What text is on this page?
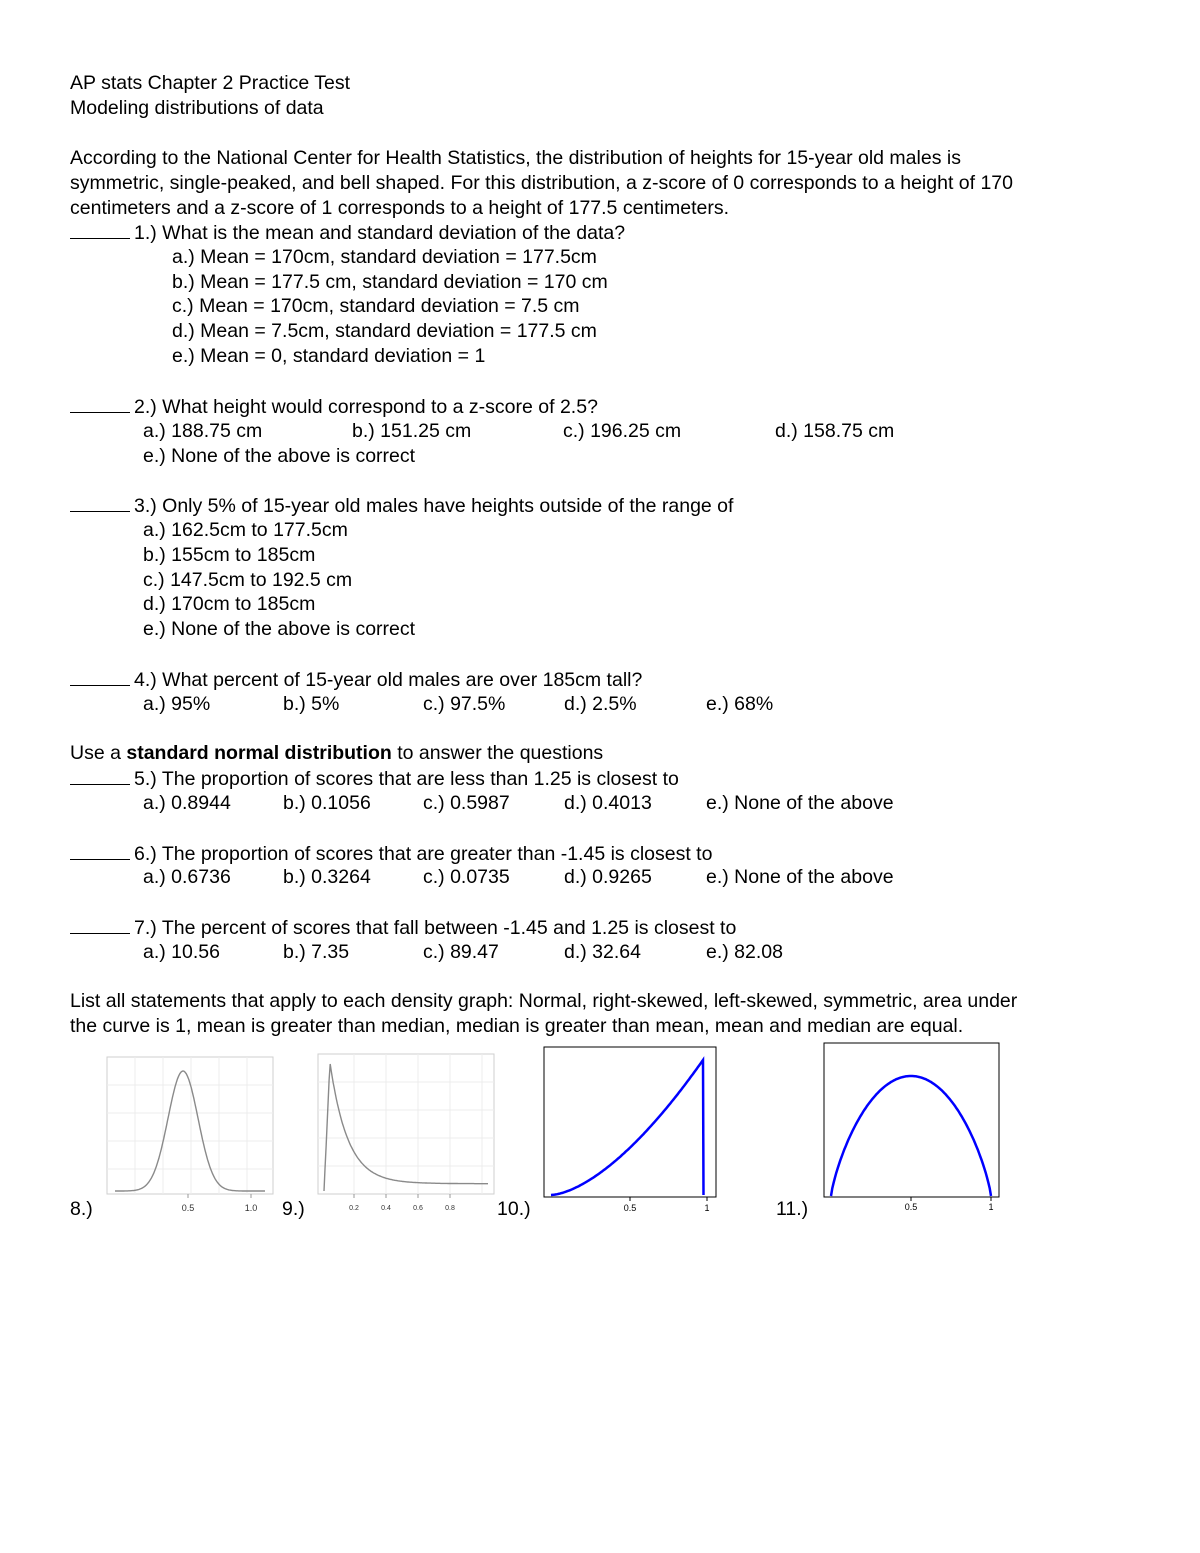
AP stats Chapter 2 Practice Test
Modeling distributions of data
According to the National Center for Health Statistics, the distribution of heights for 15-year old males is
symmetric, single-peaked, and bell shaped. For this distribution, a z-score of 0 corresponds to a height of 170
centimeters and a z-score of 1 corresponds to a height of 177.5 centimeters.
1.) What is the mean and standard deviation of the data?
a.) Mean = 170cm, standard deviation = 177.5cm
b.) Mean = 177.5 cm, standard deviation = 170 cm
c.) Mean = 170cm, standard deviation = 7.5 cm
d.) Mean = 7.5cm, standard deviation = 177.5 cm
e.) Mean = 0, standard deviation = 1
2.) What height would correspond to a z-score of 2.5?
a.) 188.75 cm	b.) 151.25 cm	c.) 196.25 cm	d.) 158.75 cm
e.) None of the above is correct
3.) Only 5% of 15-year old males have heights outside of the range of
a.) 162.5cm to 177.5cm
b.) 155cm to 185cm
c.) 147.5cm to 192.5 cm
d.) 170cm to 185cm
e.) None of the above is correct
4.) What percent of 15-year old males are over 185cm tall?
a.) 95%	b.) 5%	c.) 97.5%	d.) 2.5%	e.) 68%
Use a standard normal distribution to answer the questions
5.) The proportion of scores that are less than 1.25 is closest to
a.) 0.8944	b.) 0.1056	c.) 0.5987	d.) 0.4013	e.) None of the above
6.) The proportion of scores that are greater than -1.45 is closest to
a.) 0.6736	b.) 0.3264	c.) 0.0735	d.) 0.9265	e.) None of the above
7.) The percent of scores that fall between -1.45 and 1.25 is closest to
a.) 10.56	b.) 7.35	c.) 89.47	d.) 32.64	e.) 82.08
List all statements that apply to each density graph: Normal, right-skewed, left-skewed, symmetric, area under
the curve is 1, mean is greater than median, median is greater than mean, mean and median are equal.
0.5	1.0
8.)	0.2	0.4	0.6	0.8
9.)	0.5	1
10.)	0.5	1
11.)
